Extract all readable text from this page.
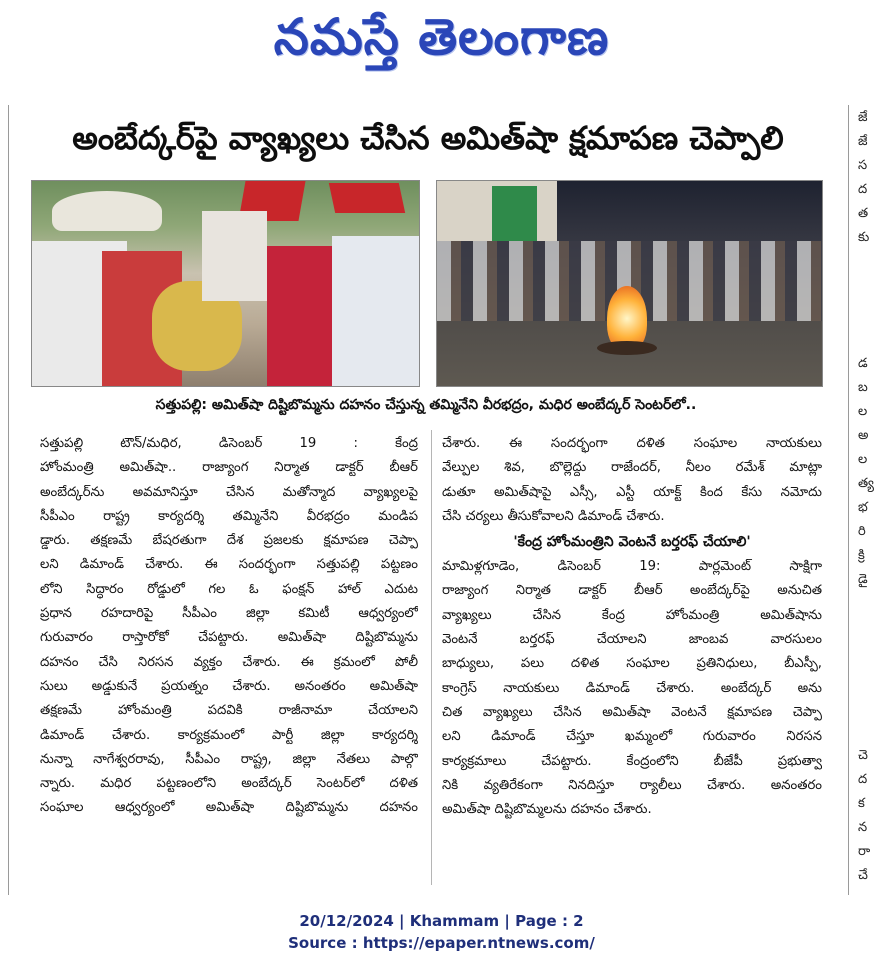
నమస్తే తెలంగాణ
అంబేద్కర్‌పై వ్యాఖ్యలు చేసిన అమిత్‌షా క్షమాపణ చెప్పాలి
సత్తుపల్లి: అమిత్‌షా దిష్టిబొమ్మను దహనం చేస్తున్న తమ్మినేని వీరభద్రం, మధిర అంబేద్కర్ సెంటర్‌లో..
సత్తుపల్లి టౌన్/మధిర, డిసెంబర్ 19 : కేంద్ర
హోంమంత్రి అమిత్‌షా.. రాజ్యాంగ నిర్మాత డాక్టర్ బీఆర్
అంబేద్కర్‌ను అవమానిస్తూ చేసిన మతోన్మాద వ్యాఖ్యలపై
సీపీఎం రాష్ట్ర కార్యదర్శి తమ్మినేని వీరభద్రం మండిప
డ్డారు. తక్షణమే బేషరతుగా దేశ ప్రజలకు క్షమాపణ చెప్పా
లని డిమాండ్ చేశారు. ఈ సందర్భంగా సత్తుపల్లి పట్టణం
లోని సిద్ధారం రోడ్డులో గల ఓ ఫంక్షన్ హాల్ ఎదుట
ప్రధాన రహదారిపై సీపీఎం జిల్లా కమిటీ ఆధ్వర్యంలో
గురువారం రాస్తారోకో చేపట్టారు. అమిత్‌షా దిష్టిబొమ్మను
దహనం చేసి నిరసన వ్యక్తం చేశారు. ఈ క్రమంలో పోలీ
సులు అడ్డుకునే ప్రయత్నం చేశారు. అనంతరం అమిత్‌షా
తక్షణమే హోంమంత్రి పదవికి రాజీనామా చేయాలని
డిమాండ్ చేశారు. కార్యక్రమంలో పార్టీ జిల్లా కార్యదర్శి
నున్నా నాగేశ్వరరావు, సీపీఎం రాష్ట్ర, జిల్లా నేతలు పాల్గొ
న్నారు. మధిర పట్టణంలోని అంబేద్కర్ సెంటర్‌లో దళిత
సంఘాల ఆధ్వర్యంలో అమిత్‌షా దిష్టిబొమ్మను దహనం
చేశారు. ఈ సందర్భంగా దళిత సంఘాల నాయకులు
వేల్పుల శివ, బొల్లెద్దు రాజేందర్, నీలం రమేశ్ మాట్లా
డుతూ అమిత్‌షాపై ఎస్సీ, ఎస్టీ యాక్ట్ కింద కేసు నమోదు
చేసి చర్యలు తీసుకోవాలని డిమాండ్ చేశారు.
'కేంద్ర హోంమంత్రిని వెంటనే బర్తరఫ్ చేయాలి'
మామిళ్లగూడెం, డిసెంబర్ 19: పార్లమెంట్ సాక్షిగా
రాజ్యాంగ నిర్మాత డాక్టర్ బీఆర్ అంబేద్కర్‌పై అనుచిత
వ్యాఖ్యలు చేసిన కేంద్ర హోంమంత్రి అమిత్‌షాను
వెంటనే బర్తరఫ్ చేయాలని జాంబవ వారసులం
బాధ్యులు, పలు దళిత సంఘాల ప్రతినిధులు, బీఎస్పీ,
కాంగ్రెస్ నాయకులు డిమాండ్ చేశారు. అంబేద్కర్ అను
చిత వ్యాఖ్యలు చేసిన అమిత్‌షా వెంటనే క్షమాపణ చెప్పా
లని డిమాండ్ చేస్తూ ఖమ్మంలో గురువారం నిరసన
కార్యక్రమాలు చేపట్టారు. కేంద్రంలోని బీజేపీ ప్రభుత్వా
నికి వ్యతిరేకంగా నినదిస్తూ ర్యాలీలు చేశారు. అనంతరం
అమిత్‌షా దిష్టిబొమ్మలను దహనం చేశారు.
జే
జే
స
ద
త
కు
డ
బ
ల
అ
ల
త్య
భ
రి
క్రి
డై
చె
ద
క
న
రా
చే
20/12/2024 | Khammam | Page : 2
Source : https://epaper.ntnews.com/
